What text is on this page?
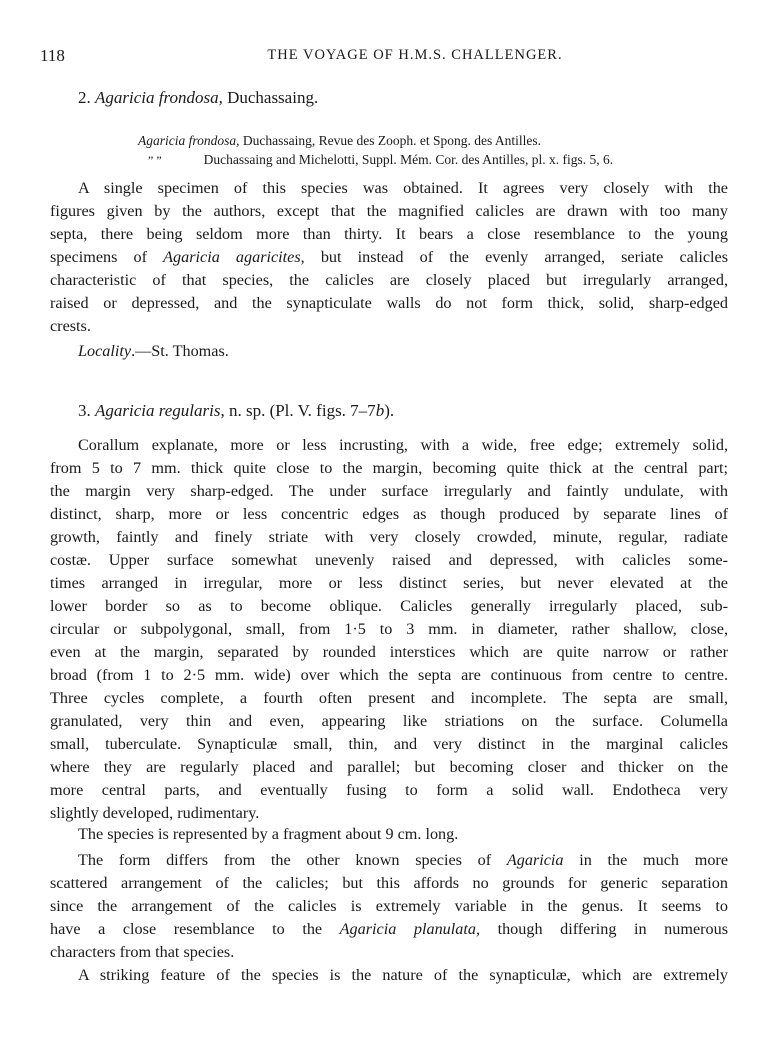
118	THE VOYAGE OF H.M.S. CHALLENGER.
2. Agaricia frondosa, Duchassaing.
Agaricia frondosa, Duchassaing, Revue des Zooph. et Spong. des Antilles.
” ”	Duchassaing and Michelotti, Suppl. Mém. Cor. des Antilles, pl. x. figs. 5, 6.
A single specimen of this species was obtained. It agrees very closely with the
figures given by the authors, except that the magnified calicles are drawn with too many
septa, there being seldom more than thirty. It bears a close resemblance to the young
specimens of Agaricia agaricites, but instead of the evenly arranged, seriate calicles
characteristic of that species, the calicles are closely placed but irregularly arranged,
raised or depressed, and the synapticulate walls do not form thick, solid, sharp-edged
crests.
Locality.—St. Thomas.
3. Agaricia regularis, n. sp. (Pl. V. figs. 7–7b).
Corallum explanate, more or less incrusting, with a wide, free edge; extremely solid,
from 5 to 7 mm. thick quite close to the margin, becoming quite thick at the central part;
the margin very sharp-edged. The under surface irregularly and faintly undulate, with
distinct, sharp, more or less concentric edges as though produced by separate lines of
growth, faintly and finely striate with very closely crowded, minute, regular, radiate
costæ. Upper surface somewhat unevenly raised and depressed, with calicles some-
times arranged in irregular, more or less distinct series, but never elevated at the
lower border so as to become oblique. Calicles generally irregularly placed, sub-
circular or subpolygonal, small, from 1·5 to 3 mm. in diameter, rather shallow, close,
even at the margin, separated by rounded interstices which are quite narrow or rather
broad (from 1 to 2·5 mm. wide) over which the septa are continuous from centre to centre.
Three cycles complete, a fourth often present and incomplete. The septa are small,
granulated, very thin and even, appearing like striations on the surface. Columella
small, tuberculate. Synapticulæ small, thin, and very distinct in the marginal calicles
where they are regularly placed and parallel; but becoming closer and thicker on the
more central parts, and eventually fusing to form a solid wall. Endotheca very
slightly developed, rudimentary.
The species is represented by a fragment about 9 cm. long.
The form differs from the other known species of Agaricia in the much more
scattered arrangement of the calicles; but this affords no grounds for generic separation
since the arrangement of the calicles is extremely variable in the genus. It seems to
have a close resemblance to the Agaricia planulata, though differing in numerous
characters from that species.
A striking feature of the species is the nature of the synapticulæ, which are extremely
